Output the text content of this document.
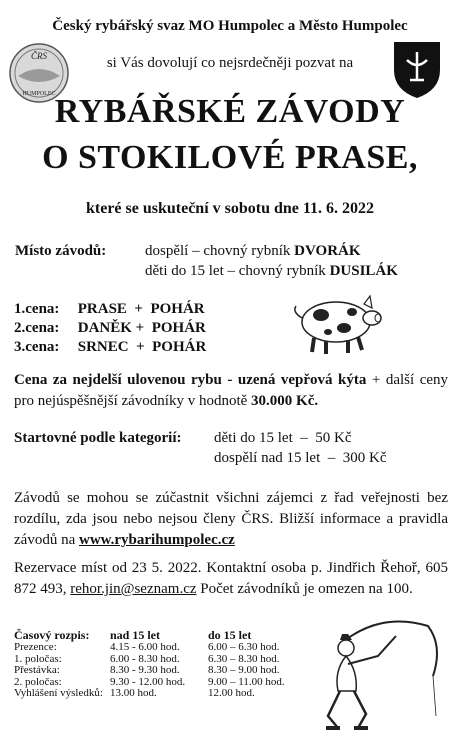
Český rybářský svaz MO Humpolec a Město Humpolec
ČRS
HUMPOLEC
si Vás dovolují co nejsrdečněji pozvat na
RYBÁŘSKÉ ZÁVODY
O STOKILOVÉ PRASE,
které se uskuteční v sobotu dne 11. 6. 2022
Místo závodů:	dospělí – chovný rybník DVORÁK
děti do 15 let – chovný rybník DUSILÁK
1.cena: PRASE  +  POHÁR
2.cena: DANĚK +  POHÁR
3.cena: SRNEC  +  POHÁR
Cena za nejdelší ulovenou rybu - uzená vepřová kýta + další ceny pro nejúspěšnější závodníky v hodnotě 30.000 Kč.
Startovné podle kategorií: děti do 15 let  –  50 Kč
dospělí nad 15 let  –  300 Kč
Závodů se mohou se zúčastnit všichni zájemci z řad veřejnosti bez rozdílu, zda jsou nebo nejsou členy ČRS. Bližší informace a pravidla závodů na www.rybarihumpolec.cz
Rezervace míst od 23 5. 2022. Kontaktní osoba p. Jindřich Řehoř, 605 872 493, rehor.jin@seznam.cz Počet závodníků je omezen na 100.
Časový rozpis:	nad 15 let	do 15 let
Prezence:	4.15 - 6.00 hod.	6.00 – 6.30 hod.
1. poločas:	6.00 - 8.30 hod.	6.30 – 8.30 hod.
Přestávka:	8.30 - 9.30 hod.	8.30 – 9.00 hod.
2. poločas:	9.30 - 12.00 hod.	9.00 – 11.00 hod.
Vyhlášení výsledků:	13.00 hod.	12.00 hod.
